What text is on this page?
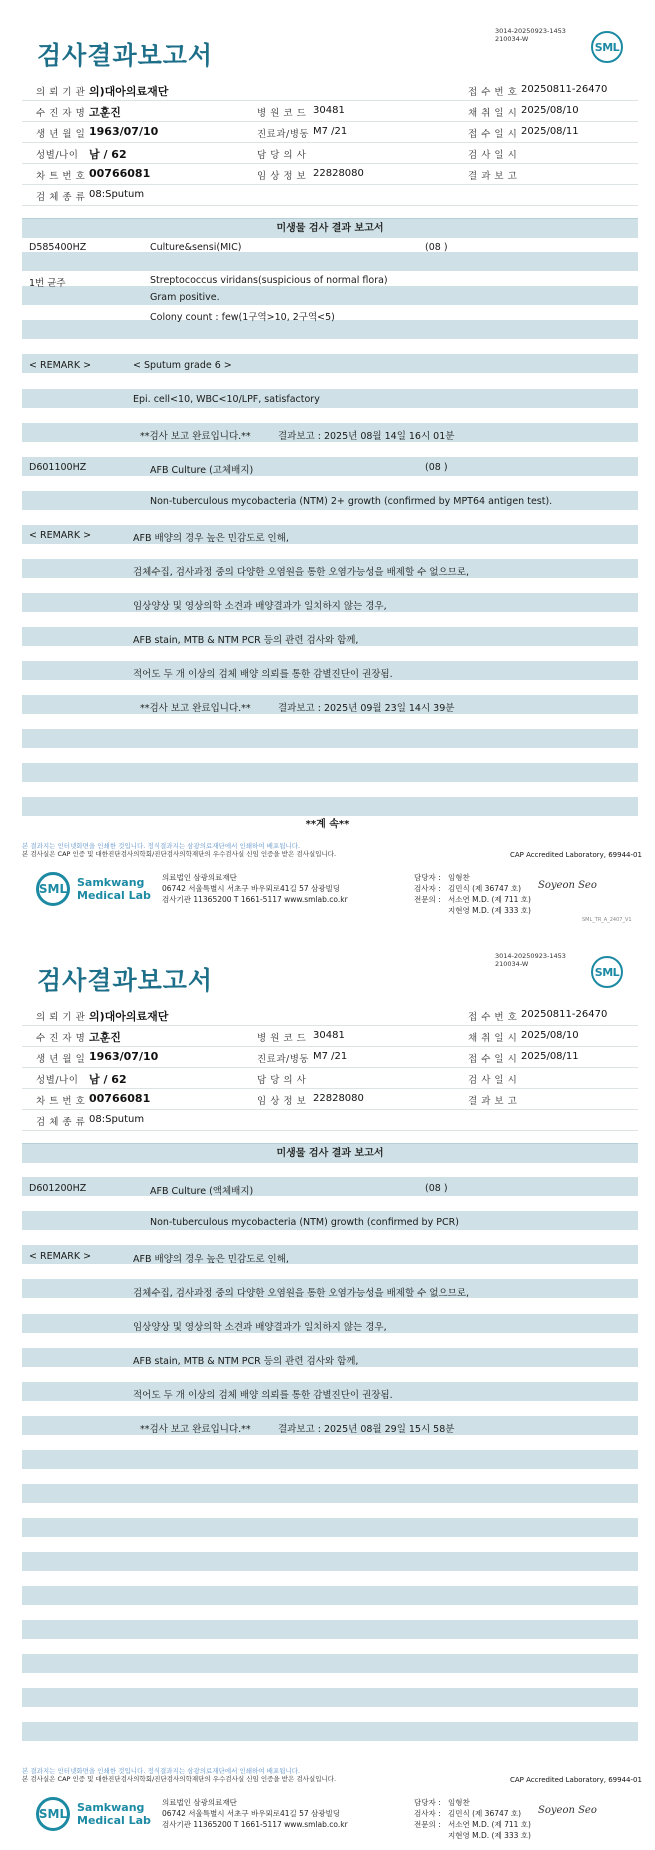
검사결과보고서
3014-20250923-1453
210034-W
SML
의 뢰 기 관 의)대아의료재단	접 수 번 호 20250811-26470
수 진 자 명 고훈진	병 원 코 드 30481	채 취 일 시 2025/08/10
생 년 월 일 1963/07/10	진료과/병동 M7 /21	접 수 일 시 2025/08/11
성별/나이 남 / 62	담 당 의 사	검 사 일 시
차 트 번 호 00766081	임 상 정 보 22828080	결 과 보 고
검 체 종 류 08:Sputum
미생물 검사 결과 보고서
D585400HZ	Culture&sensi(MIC)	(08 )
1번 균주	Streptococcus viridans(suspicious of normal flora)
Gram positive.
Colony count : few(1구역>10, 2구역<5)
< REMARK >	< Sputum grade 6 >
Epi. cell<10, WBC<10/LPF, satisfactory
**검사 보고 완료입니다.**	결과보고 : 2025년 08월 14일 16시 01분
D601100HZ	AFB Culture (고체배지)	(08 )
Non-tuberculous mycobacteria (NTM) 2+ growth (confirmed by MPT64 antigen test).
< REMARK >	AFB 배양의 경우 높은 민감도로 인해,
검체수집, 검사과정 중의 다양한 오염원을 통한 오염가능성을 배제할 수 없으므로,
임상양상 및 영상의학 소견과 배양결과가 일치하지 않는 경우,
AFB stain, MTB & NTM PCR 등의 관련 검사와 함께,
적어도 두 개 이상의 검체 배양 의뢰를 통한 감별진단이 권장됨.
**검사 보고 완료입니다.**	결과보고 : 2025년 09월 23일 14시 39분
**계 속**
본 결과지는 인터넷화면을 인쇄한 것입니다. 정식결과지는 삼광의료재단에서 인쇄하여 배포됩니다.
본 검사실은 CAP 인증 및 대한진단검사의학회/진단검사의학재단의 우수검사실 신임 인증을 받은 검사실입니다.	CAP Accredited Laboratory, 69944-01
SML Samkwang
Medical Lab
의료법인 삼광의료재단
06742 서울특별시 서초구 바우뫼로41길 57 삼광빌딩
검사기관 11365200 T 1661-5117 www.smlab.co.kr
담당자 : 임형찬
검사자 : 김민식 (제 36747 호)
전문의 : 서소연 M.D. (제 711 호)
지현영 M.D. (제 333 호)
Soyeon Seo
SML_TR_A_2407_V1
검사결과보고서
3014-20250923-1453
210034-W
SML
의 뢰 기 관 의)대아의료재단	접 수 번 호 20250811-26470
수 진 자 명 고훈진	병 원 코 드 30481	채 취 일 시 2025/08/10
생 년 월 일 1963/07/10	진료과/병동 M7 /21	접 수 일 시 2025/08/11
성별/나이 남 / 62	담 당 의 사	검 사 일 시
차 트 번 호 00766081	임 상 정 보 22828080	결 과 보 고
검 체 종 류 08:Sputum
미생물 검사 결과 보고서
D601200HZ	AFB Culture (액체배지)	(08 )
Non-tuberculous mycobacteria (NTM) growth (confirmed by PCR)
< REMARK >	AFB 배양의 경우 높은 민감도로 인해,
검체수집, 검사과정 중의 다양한 오염원을 통한 오염가능성을 배제할 수 없으므로,
임상양상 및 영상의학 소견과 배양결과가 일치하지 않는 경우,
AFB stain, MTB & NTM PCR 등의 관련 검사와 함께,
적어도 두 개 이상의 검체 배양 의뢰를 통한 감별진단이 권장됨.
**검사 보고 완료입니다.**	결과보고 : 2025년 08월 29일 15시 58분
본 결과지는 인터넷화면을 인쇄한 것입니다. 정식결과지는 삼광의료재단에서 인쇄하여 배포됩니다.
본 검사실은 CAP 인증 및 대한진단검사의학회/진단검사의학재단의 우수검사실 신임 인증을 받은 검사실입니다.	CAP Accredited Laboratory, 69944-01
SML Samkwang
Medical Lab
의료법인 삼광의료재단
06742 서울특별시 서초구 바우뫼로41길 57 삼광빌딩
검사기관 11365200 T 1661-5117 www.smlab.co.kr
담당자 : 임형찬
검사자 : 김민식 (제 36747 호)
전문의 : 서소연 M.D. (제 711 호)
지현영 M.D. (제 333 호)
Soyeon Seo
